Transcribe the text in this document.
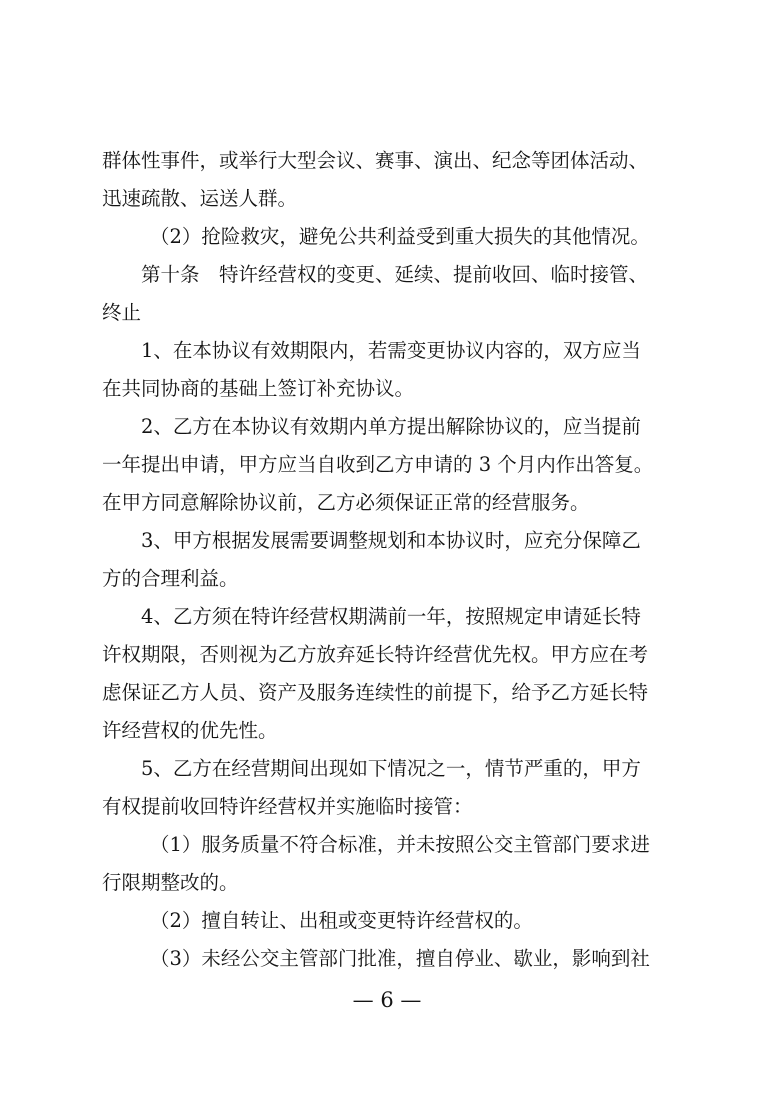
群体性事件，或举行大型会议、赛事、演出、纪念等团体活动、
迅速疏散、运送人群。

（2）抢险救灾，避免公共利益受到重大损失的其他情况。

第十条　特许经营权的变更、延续、提前收回、临时接管、
终止

1、在本协议有效期限内，若需变更协议内容的，双方应当
在共同协商的基础上签订补充协议。

2、乙方在本协议有效期内单方提出解除协议的，应当提前
一年提出申请，甲方应当自收到乙方申请的 3 个月内作出答复。
在甲方同意解除协议前，乙方必须保证正常的经营服务。

3、甲方根据发展需要调整规划和本协议时，应充分保障乙
方的合理利益。

4、乙方须在特许经营权期满前一年，按照规定申请延长特
许权期限，否则视为乙方放弃延长特许经营优先权。甲方应在考
虑保证乙方人员、资产及服务连续性的前提下，给予乙方延长特
许经营权的优先性。

5、乙方在经营期间出现如下情况之一，情节严重的，甲方
有权提前收回特许经营权并实施临时接管：

（1）服务质量不符合标准，并未按照公交主管部门要求进
行限期整改的。

（2）擅自转让、出租或变更特许经营权的。

（3）未经公交主管部门批准，擅自停业、歇业，影响到社

— 6 —
